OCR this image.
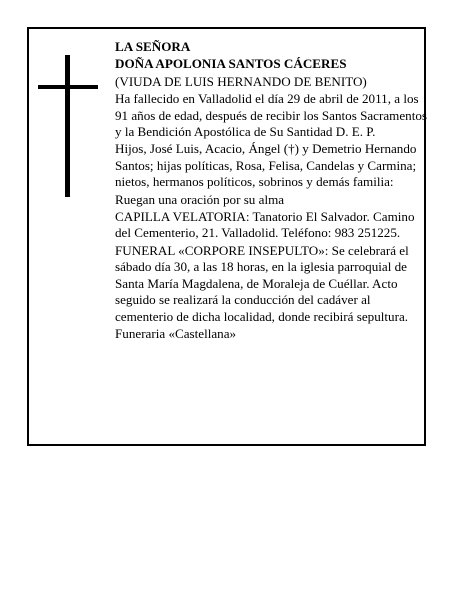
LA SEÑORA

DOÑA APOLONIA SANTOS CÁCERES

(VIUDA DE LUIS HERNANDO DE BENITO)

Ha fallecido en Valladolid el día 29 de abril de 2011, a los 91 años de edad, después de recibir los Santos Sacramentos y la Bendición Apostólica de Su Santidad D. E. P.

Hijos, José Luis, Acacio, Ángel (†) y Demetrio Hernando Santos; hijas políticas, Rosa, Felisa, Candelas y Carmina; nietos, hermanos políticos, sobrinos y demás familia:

Ruegan una oración por su alma

CAPILLA VELATORIA: Tanatorio El Salvador. Camino del Cementerio, 21. Valladolid. Teléfono: 983 251225.

FUNERAL «CORPORE INSEPULTO»: Se celebrará el sábado día 30, a las 18 horas, en la iglesia parroquial de Santa María Magdalena, de Moraleja de Cuéllar. Acto seguido se realizará la conducción del cadáver al cementerio de dicha localidad, donde recibirá sepultura.

Funeraria «Castellana»
